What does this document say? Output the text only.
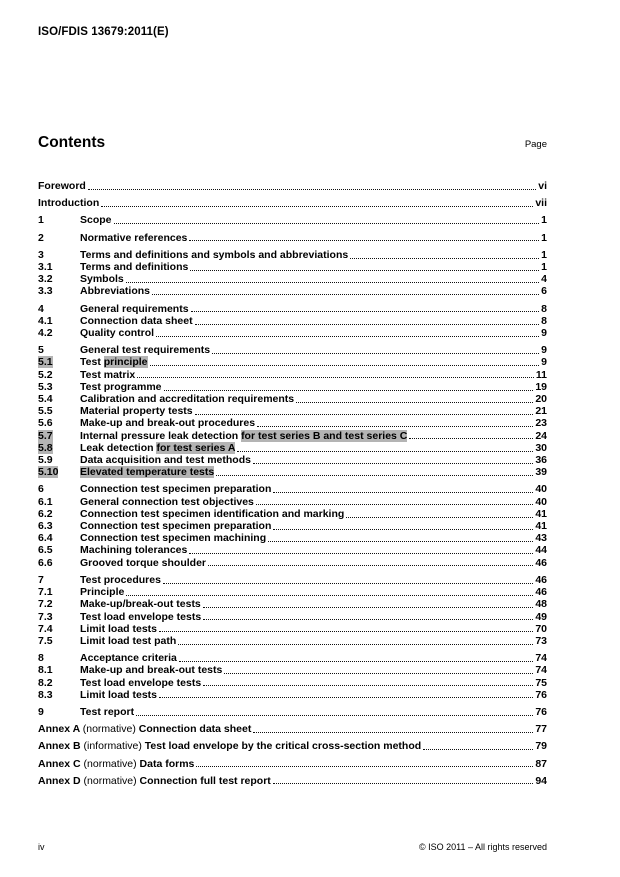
ISO/FDIS 13679:2011(E)
Contents	Page
Foreword	vi
Introduction	vii
1	Scope	1
2	Normative references	1
3	Terms and definitions and symbols and abbreviations	1
3.1	Terms and definitions	1
3.2	Symbols	4
3.3	Abbreviations	6
4	General requirements	8
4.1	Connection data sheet	8
4.2	Quality control	9
5	General test requirements	9
5.1	Test principle	9
5.2	Test matrix	11
5.3	Test programme	19
5.4	Calibration and accreditation requirements	20
5.5	Material property tests	21
5.6	Make-up and break-out procedures	23
5.7	Internal pressure leak detection for test series B and test series C	24
5.8	Leak detection for test series A	30
5.9	Data acquisition and test methods	36
5.10	Elevated temperature tests	39
6	Connection test specimen preparation	40
6.1	General connection test objectives	40
6.2	Connection test specimen identification and marking	41
6.3	Connection test specimen preparation	41
6.4	Connection test specimen machining	43
6.5	Machining tolerances	44
6.6	Grooved torque shoulder	46
7	Test procedures	46
7.1	Principle	46
7.2	Make-up/break-out tests	48
7.3	Test load envelope tests	49
7.4	Limit load tests	70
7.5	Limit load test path	73
8	Acceptance criteria	74
8.1	Make-up and break-out tests	74
8.2	Test load envelope tests	75
8.3	Limit load tests	76
9	Test report	76
Annex A (normative) Connection data sheet	77
Annex B (informative) Test load envelope by the critical cross-section method	79
Annex C (normative) Data forms	87
Annex D (normative) Connection full test report	94
iv	© ISO 2011 – All rights reserved
